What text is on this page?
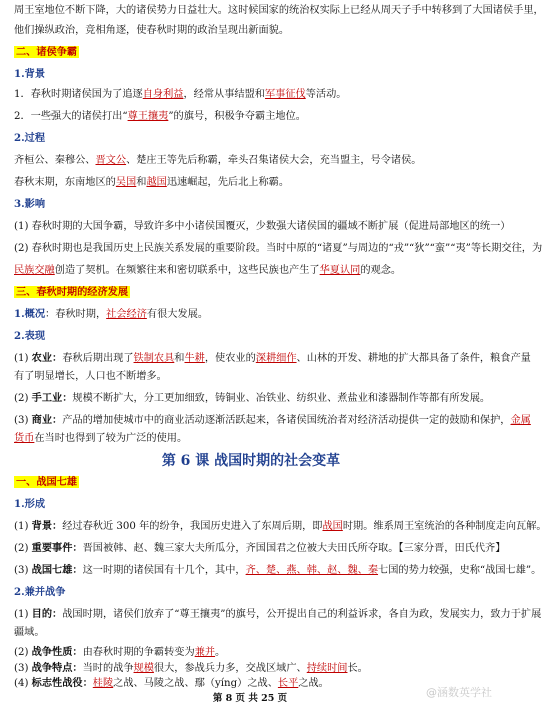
周王室地位不断下降，大的诸侯势力日益壮大。这时候国家的统治权实际上已经从周天子手中转移到了大国诸侯手里，
他们操纵政治，竞相角逐，使春秋时期的政治呈现出新面貌。
二、诸侯争霸
1.背景
1．春秋时期诸侯国为了追逐自身利益，经常从事结盟和军事征伐等活动。
2．一些强大的诸侯打出“尊王攘夷”的旗号，积极争夺霸主地位。
2.过程
齐桓公、秦穆公、晋文公、楚庄王等先后称霸，牵头召集诸侯大会，充当盟主，号令诸侯。
春秋末期，东南地区的吴国和越国迅速崛起，先后北上称霸。
3.影响
(1) 春秋时期的大国争霸，导致许多中小诸侯国覆灭，少数强大诸侯国的疆域不断扩展（促进局部地区的统一）
(2) 春秋时期也是我国历史上民族关系发展的重要阶段。当时中原的“诸夏”与周边的“戎”“狄”“蛮”“夷”等长期交往，为
民族交融创造了契机。在频繁往来和密切联系中，这些民族也产生了华夏认同的观念。
三、春秋时期的经济发展
1.概况：春秋时期，社会经济有很大发展。
2.表现
(1) 农业：春秋后期出现了铁制农具和牛耕，使农业的深耕细作、山林的开发、耕地的扩大都具备了条件，粮食产量
有了明显增长，人口也不断增多。
(2) 手工业：规模不断扩大，分工更加细致，铸铜业、冶铁业、纺织业、煮盐业和漆器制作等都有所发展。
(3) 商业：产品的增加使城市中的商业活动逐渐活跃起来，各诸侯国统治者对经济活动提供一定的鼓励和保护，金属
货币在当时也得到了较为广泛的使用。
第 6 课 战国时期的社会变革
一、战国七雄
1.形成
(1) 背景：经过春秋近 300 年的纷争，我国历史进入了东周后期，即战国时期。维系周王室统治的各种制度走向瓦解。
(2) 重要事件：晋国被韩、赵、魏三家大夫所瓜分，齐国国君之位被大夫田氏所夺取。【三家分晋，田氏代齐】
(3) 战国七雄：这一时期的诸侯国有十几个，其中，齐、楚、燕、韩、赵、魏、秦七国的势力较强，史称“战国七雄”。
2.兼并战争
(1) 目的：战国时期，诸侯们放弃了“尊王攘夷”的旗号，公开提出自己的利益诉求，各自为政，发展实力，致力于扩展
疆域。
(2) 战争性质：由春秋时期的争霸转变为兼并。
(3) 战争特点：当时的战争规模很大，参战兵力多，交战区域广、持续时间长。
(4) 标志性战役：桂陵之战、马陵之战、鄢（yíng）之战、长平之战。
第 8 页 共 25 页	@涵数英学社
